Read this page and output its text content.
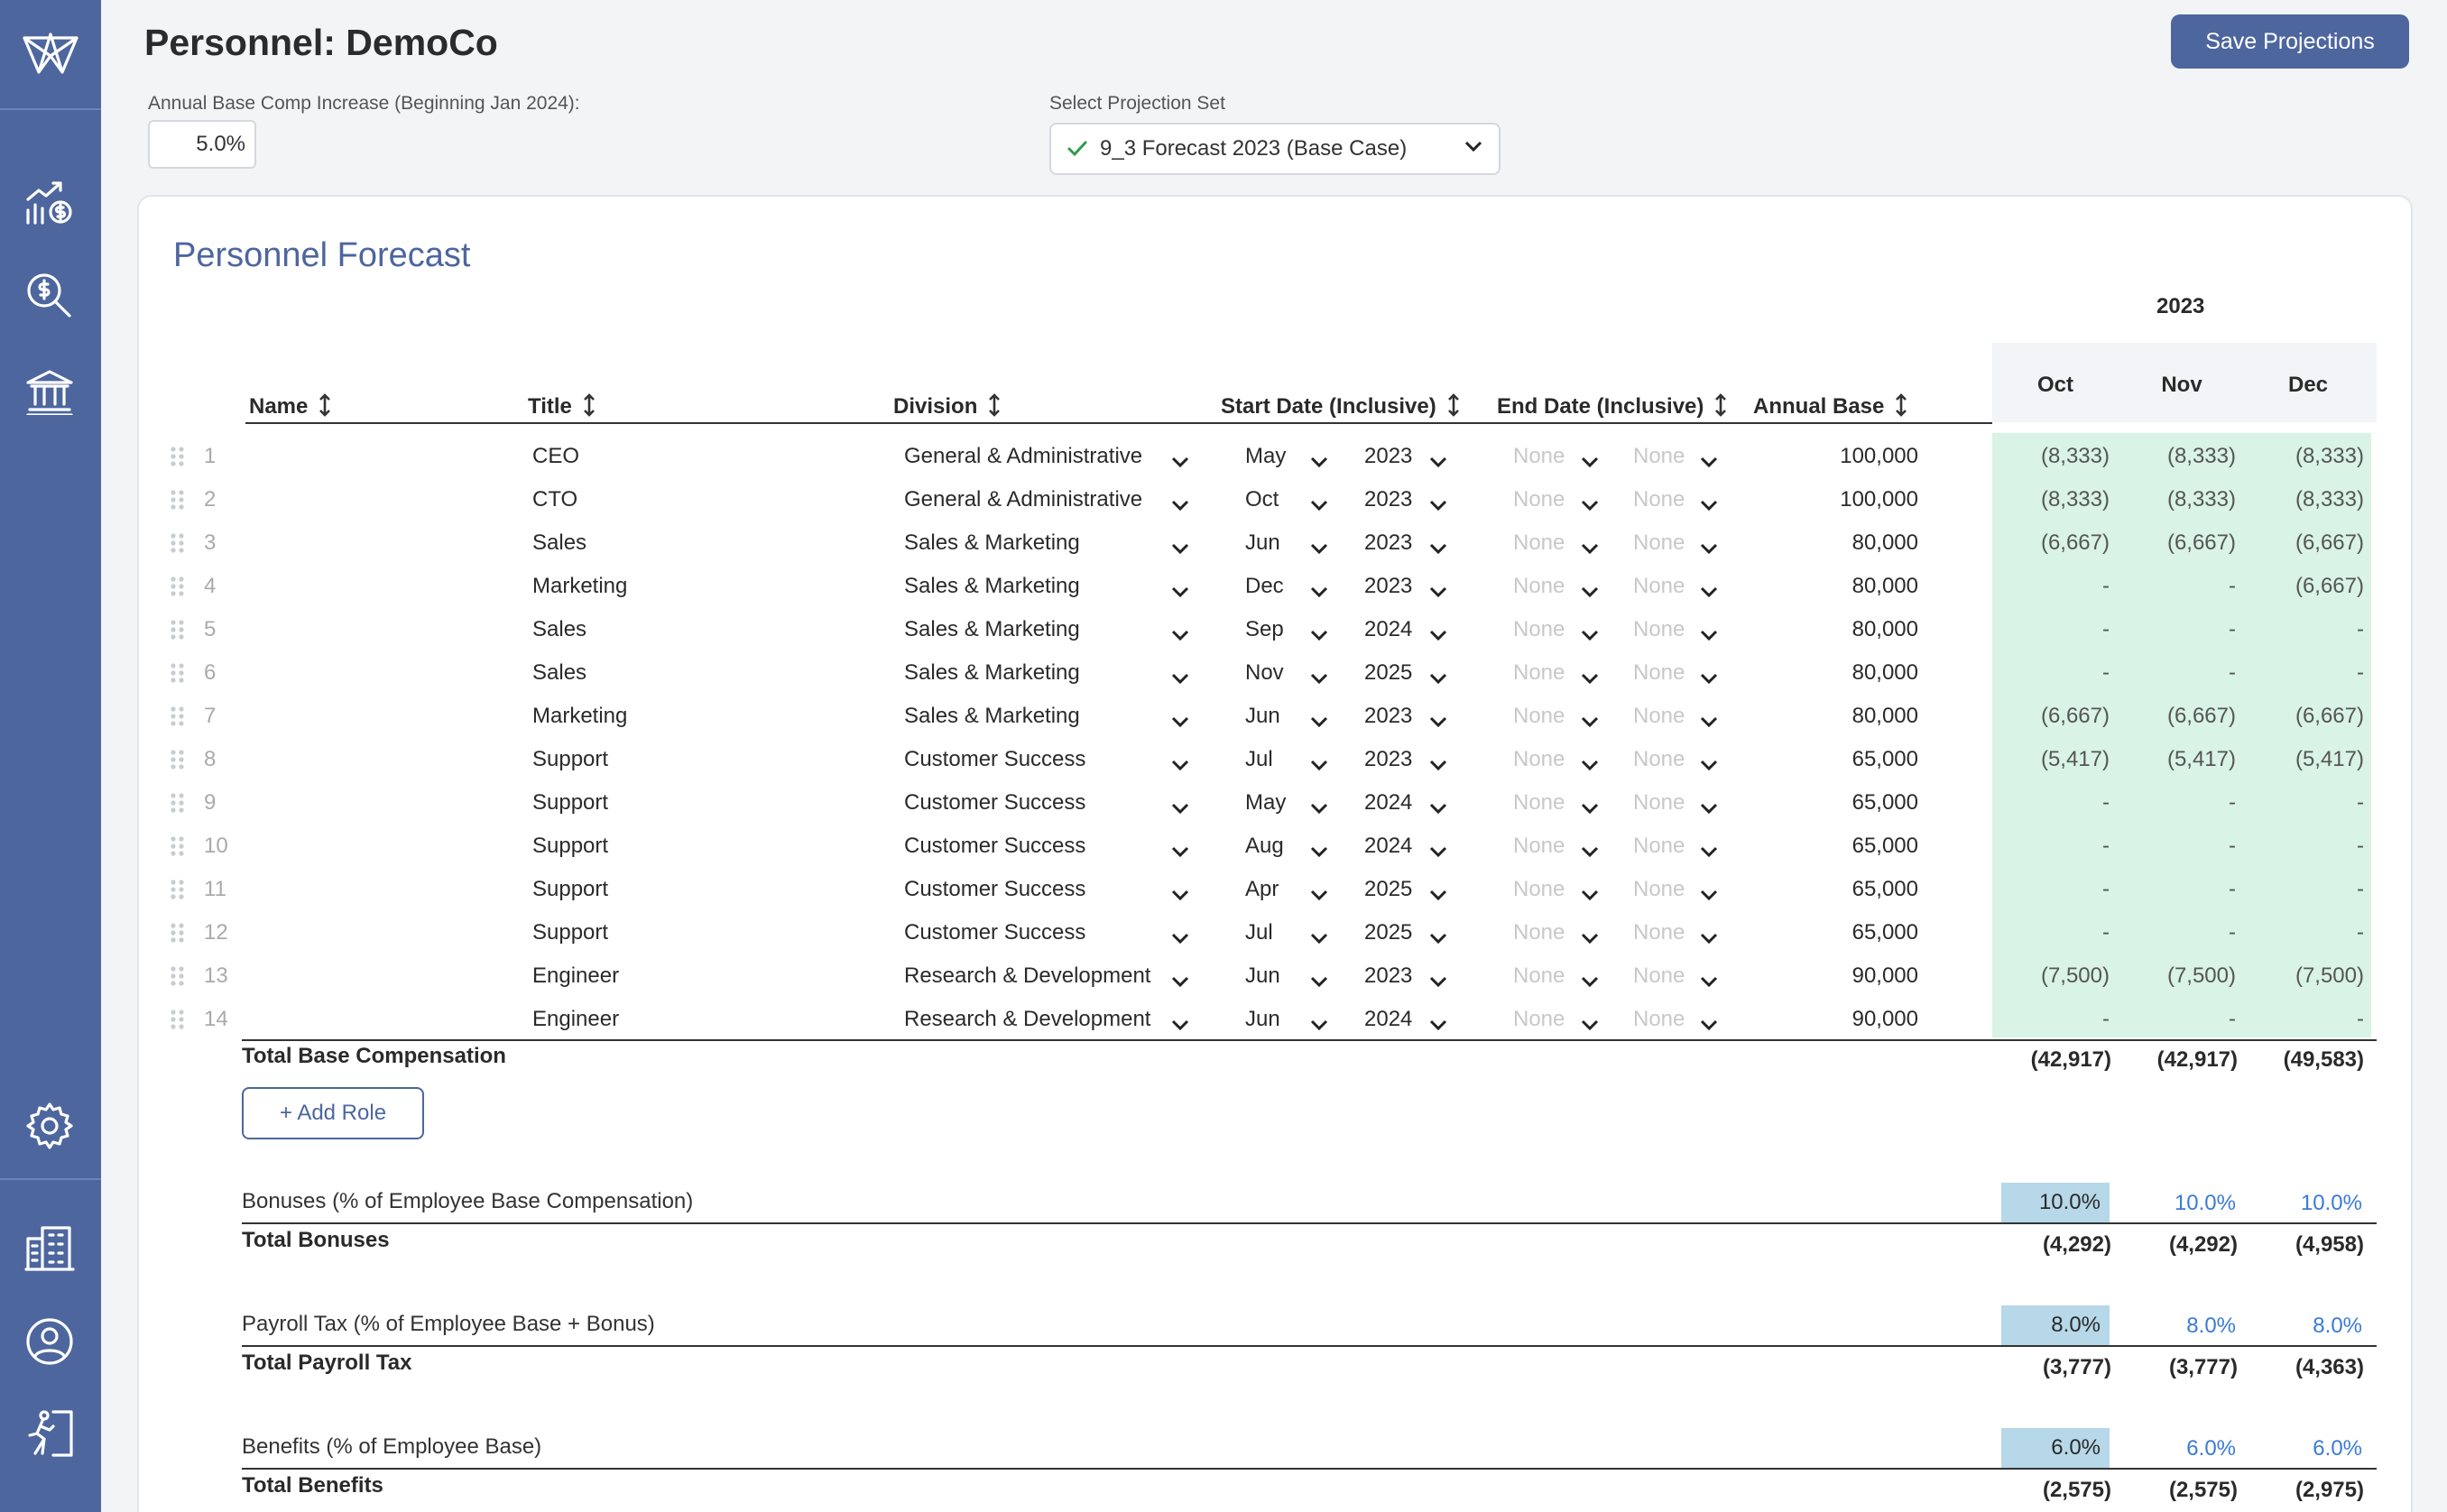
Personnel: DemoCo	Save Projections
Annual Base Comp Increase (Beginning Jan 2024):
5.0%
Select Projection Set
9_3 Forecast 2023 (Base Case)
Personnel Forecast
2023
Oct	Nov	Dec
Name	Title	Division	Start Date (Inclusive)	End Date (Inclusive)	Annual Base
1	CEO	General & Administrative	May	2023	None	None	100,000	(8,333)	(8,333)	(8,333)
2	CTO	General & Administrative	Oct	2023	None	None	100,000	(8,333)	(8,333)	(8,333)
3	Sales	Sales & Marketing	Jun	2023	None	None	80,000	(6,667)	(6,667)	(6,667)
4	Marketing	Sales & Marketing	Dec	2023	None	None	80,000	-	-	(6,667)
5	Sales	Sales & Marketing	Sep	2024	None	None	80,000	-	-	-
6	Sales	Sales & Marketing	Nov	2025	None	None	80,000	-	-	-
7	Marketing	Sales & Marketing	Jun	2023	None	None	80,000	(6,667)	(6,667)	(6,667)
8	Support	Customer Success	Jul	2023	None	None	65,000	(5,417)	(5,417)	(5,417)
9	Support	Customer Success	May	2024	None	None	65,000	-	-	-
10	Support	Customer Success	Aug	2024	None	None	65,000	-	-	-
11	Support	Customer Success	Apr	2025	None	None	65,000	-	-	-
12	Support	Customer Success	Jul	2025	None	None	65,000	-	-	-
13	Engineer	Research & Development	Jun	2023	None	None	90,000	(7,500)	(7,500)	(7,500)
14	Engineer	Research & Development	Jun	2024	None	None	90,000	-	-	-
Total Base Compensation	(42,917)	(42,917)	(49,583)
+ Add Role
Bonuses (% of Employee Base Compensation)	10.0%	10.0%	10.0%
Total Bonuses	(4,292)	(4,292)	(4,958)
Payroll Tax (% of Employee Base + Bonus)	8.0%	8.0%	8.0%
Total Payroll Tax	(3,777)	(3,777)	(4,363)
Benefits (% of Employee Base)	6.0%	6.0%	6.0%
Total Benefits	(2,575)	(2,575)	(2,975)
